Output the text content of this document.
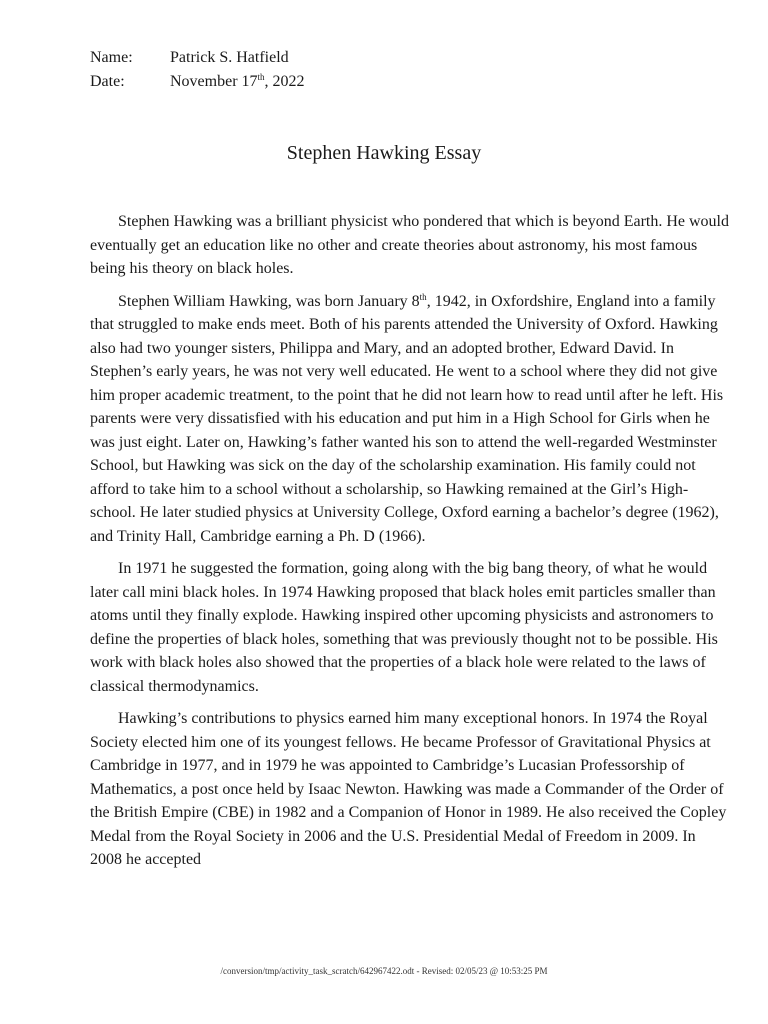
Name:	Patrick S. Hatfield
Date:	November 17th, 2022
Stephen Hawking Essay

Stephen Hawking was a brilliant physicist who pondered that which is beyond Earth. He would eventually get an education like no other and create theories about astronomy, his most famous being his theory on black holes.

Stephen William Hawking, was born January 8th, 1942, in Oxfordshire, England into a family that struggled to make ends meet. Both of his parents attended the University of Oxford. Hawking also had two younger sisters, Philippa and Mary, and an adopted brother, Edward David. In Stephen’s early years, he was not very well educated. He went to a school where they did not give him proper academic treatment, to the point that he did not learn how to read until after he left. His parents were very dissatisfied with his education and put him in a High School for Girls when he was just eight. Later on, Hawking’s father wanted his son to attend the well-regarded Westminster School, but Hawking was sick on the day of the scholarship examination. His family could not afford to take him to a school without a scholarship, so Hawking remained at the Girl’s High-school. He later studied physics at University College, Oxford earning a bachelor’s degree (1962), and Trinity Hall, Cambridge earning a Ph. D (1966).

In 1971 he suggested the formation, going along with the big bang theory, of what he would later call mini black holes. In 1974 Hawking proposed that black holes emit particles smaller than atoms until they finally explode. Hawking inspired other upcoming physicists and astronomers to define the properties of black holes, something that was previously thought not to be possible. His work with black holes also showed that the properties of a black hole were related to the laws of classical thermodynamics.

Hawking’s contributions to physics earned him many exceptional honors. In 1974 the Royal Society elected him one of its youngest fellows. He became Professor of Gravitational Physics at Cambridge in 1977, and in 1979 he was appointed to Cambridge’s Lucasian Professorship of Mathematics, a post once held by Isaac Newton. Hawking was made a Commander of the Order of the British Empire (CBE) in 1982 and a Companion of Honor in 1989. He also received the Copley Medal from the Royal Society in 2006 and the U.S. Presidential Medal of Freedom in 2009. In 2008 he accepted

/conversion/tmp/activity_task_scratch/642967422.odt - Revised: 02/05/23 @ 10:53:25 PM
